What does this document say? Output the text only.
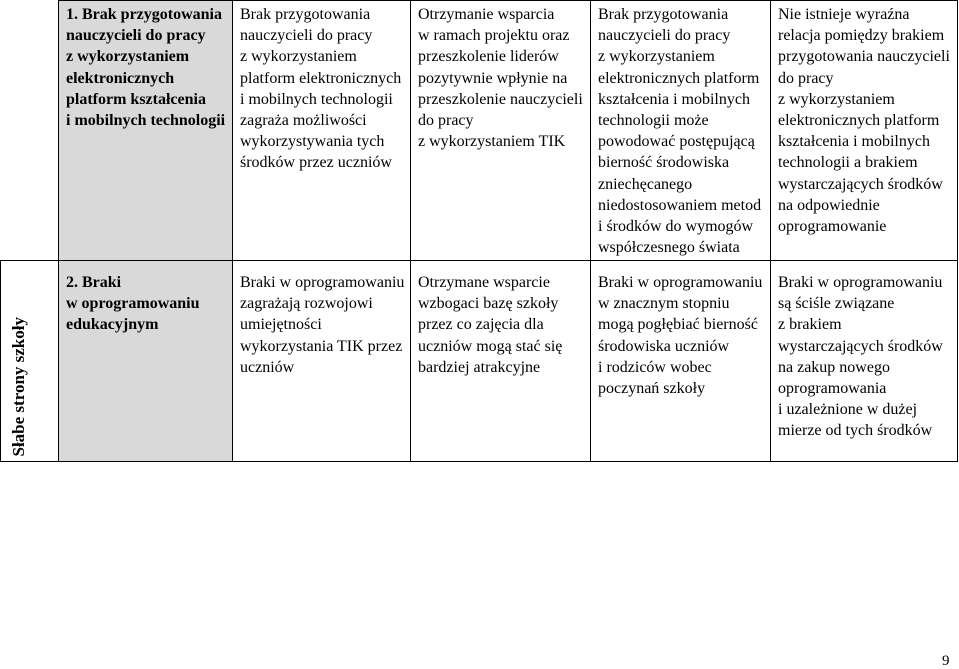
1. Brak przygotowania
nauczycieli do pracy
z wykorzystaniem
elektronicznych
platform kształcenia
i mobilnych technologii
Brak przygotowania
nauczycieli do pracy
z wykorzystaniem
platform elektronicznych
i mobilnych technologii
zagraża możliwości
wykorzystywania tych
środków przez uczniów
Otrzymanie wsparcia
w ramach projektu oraz
przeszkolenie liderów
pozytywnie wpłynie na
przeszkolenie nauczycieli
do pracy
z wykorzystaniem TIK
Brak przygotowania
nauczycieli do pracy
z wykorzystaniem
elektronicznych platform
kształcenia i mobilnych
technologii może
powodować postępującą
bierność środowiska
zniechęcanego
niedostosowaniem metod
i środków do wymogów
współczesnego świata
Nie istnieje wyraźna
relacja pomiędzy brakiem
przygotowania nauczycieli
do pracy
z wykorzystaniem
elektronicznych platform
kształcenia i mobilnych
technologii a brakiem
wystarczających środków
na odpowiednie
oprogramowanie
Słabe strony szkoły
2. Braki
w oprogramowaniu
edukacyjnym
Braki w oprogramowaniu
zagrażają rozwojowi
umiejętności
wykorzystania TIK przez
uczniów
Otrzymane wsparcie
wzbogaci bazę szkoły
przez co zajęcia dla
uczniów mogą stać się
bardziej atrakcyjne
Braki w oprogramowaniu
w znacznym stopniu
mogą pogłębiać bierność
środowiska uczniów
i rodziców wobec
poczynań szkoły
Braki w oprogramowaniu
są ściśle związane
z brakiem
wystarczających środków
na zakup nowego
oprogramowania
i uzależnione w dużej
mierze od tych środków
9
